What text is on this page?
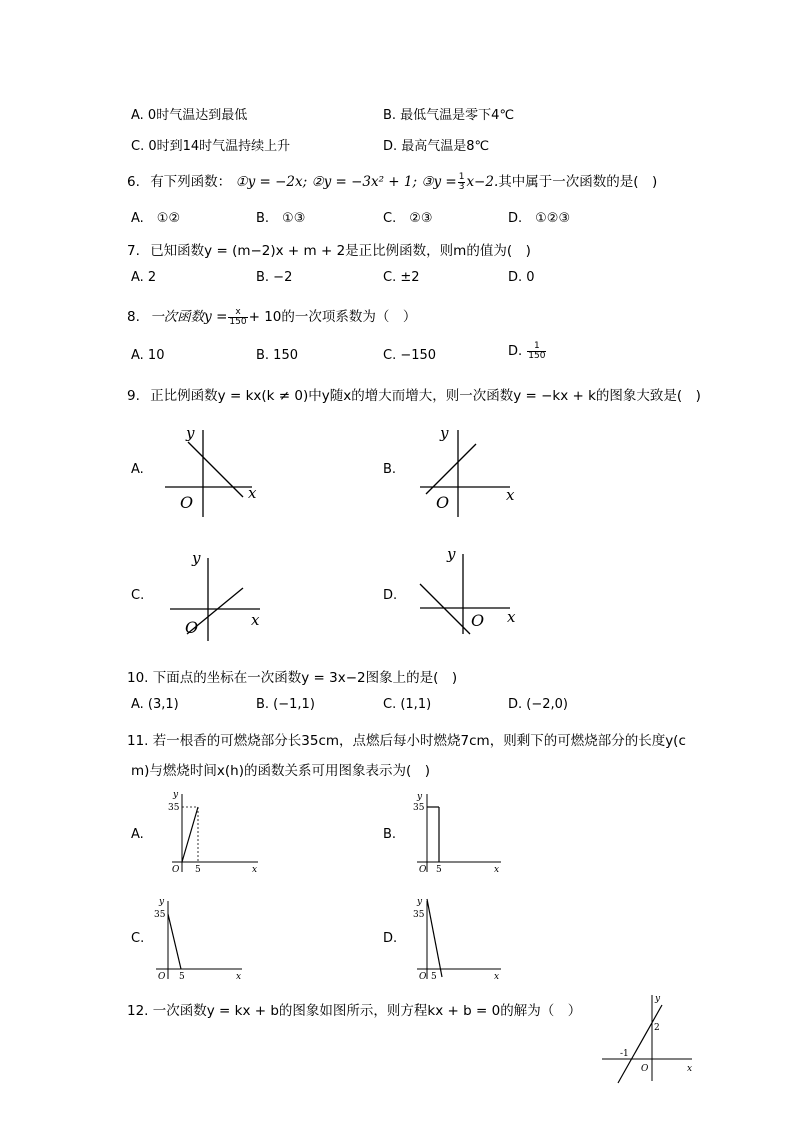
A. 0时气温达到最低	B. 最低气温是零下4℃
C. 0时到14时气温持续上升	D. 最高气温是8℃
6. 有下列函数： ①y = −2x; ②y = −3x² + 1; ③y = $\frac{1}{3} x-2$.其中属于一次函数的是(　)
A.　①②	B.　①③	C.　②③	D.　①②③
7. 已知函数y = (m−2)x + m + 2是正比例函数，则m的值为(　)
A. 2	B. −2	C. ±2	D. 0
8. 一次函数$y = \frac{x}{150} + 10$的一次项系数为（　）
A. 10	B. 150	C. −150	D. $\frac{1}{150}$
9. 正比例函数y = kx(k ≠ 0)中y随x的增大而增大，则一次函数y = −kx + k的图象大致是(　)
A.
y
x
O
B.
y
x
O
C.
y
x
O
D.
y
x
O
10. 下面点的坐标在一次函数y = 3x−2图象上的是(　)
A. (3,1)	B. (−1,1)	C. (1,1)	D. (−2,0)
11. 若一根香的可燃烧部分长35cm，点燃后每小时燃烧7cm，则剩下的可燃烧部分的长度y(c
m)与燃烧时间x(h)的函数关系可用图象表示为(　)
A.
y
35
O 5	x
B.
y
35
O 5	x
C.
y
35
O 5	x
D.
y
35
O 5	x
12. 一次函数y = kx + b的图象如图所示，则方程kx + b = 0的解为（　）
y
2
-1
O	x
